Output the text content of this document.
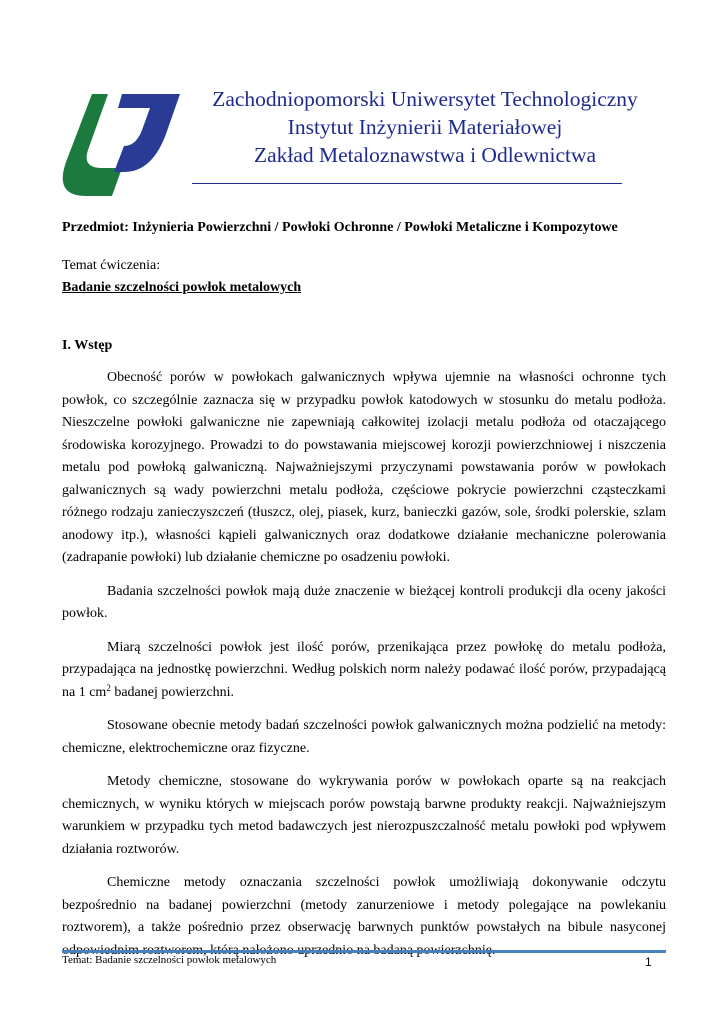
Zachodniopomorski Uniwersytet Technologiczny
Instytut Inżynierii Materiałowej
Zakład Metaloznawstwa i Odlewnictwa

Przedmiot: Inżynieria Powierzchni / Powłoki Ochronne / Powłoki Metaliczne i Kompozytowe

Temat ćwiczenia:

Badanie szczelności powłok metalowych

I. Wstęp

Obecność porów w powłokach galwanicznych wpływa ujemnie na własności ochronne tych powłok, co szczególnie zaznacza się w przypadku powłok katodowych w stosunku do metalu podłoża. Nieszczelne powłoki galwaniczne nie zapewniają całkowitej izolacji metalu podłoża od otaczającego środowiska korozyjnego. Prowadzi to do powstawania miejscowej korozji powierzchniowej i niszczenia metalu pod powłoką galwaniczną. Najważniejszymi przyczynami powstawania porów w powłokach galwanicznych są wady powierzchni metalu podłoża, częściowe pokrycie powierzchni cząsteczkami różnego rodzaju zanieczyszczeń (tłuszcz, olej, piasek, kurz, banieczki gazów, sole, środki polerskie, szlam anodowy itp.), własności kąpieli galwanicznych oraz dodatkowe działanie mechaniczne polerowania (zadrapanie powłoki) lub działanie chemiczne po osadzeniu powłoki.

Badania szczelności powłok mają duże znaczenie w bieżącej kontroli produkcji dla oceny jakości powłok.

Miarą szczelności powłok jest ilość porów, przenikająca przez powłokę do metalu podłoża, przypadająca na jednostkę powierzchni. Według polskich norm należy podawać ilość porów, przypadającą na 1 $cm^2$ badanej powierzchni.

Stosowane obecnie metody badań szczelności powłok galwanicznych można podzielić na metody: chemiczne, elektrochemiczne oraz fizyczne.

Metody chemiczne, stosowane do wykrywania porów w powłokach oparte są na reakcjach chemicznych, w wyniku których w miejscach porów powstają barwne produkty reakcji. Najważniejszym warunkiem w przypadku tych metod badawczych jest nierozpuszczalność metalu powłoki pod wpływem działania roztworów.

Chemiczne metody oznaczania szczelności powłok umożliwiają dokonywanie odczytu bezpośrednio na badanej powierzchni (metody zanurzeniowe i metody polegające na powlekaniu roztworem), a także pośrednio przez obserwację barwnych punktów powstałych na bibule nasyconej

Temat: Badanie szczelności powłok metalowych	1
